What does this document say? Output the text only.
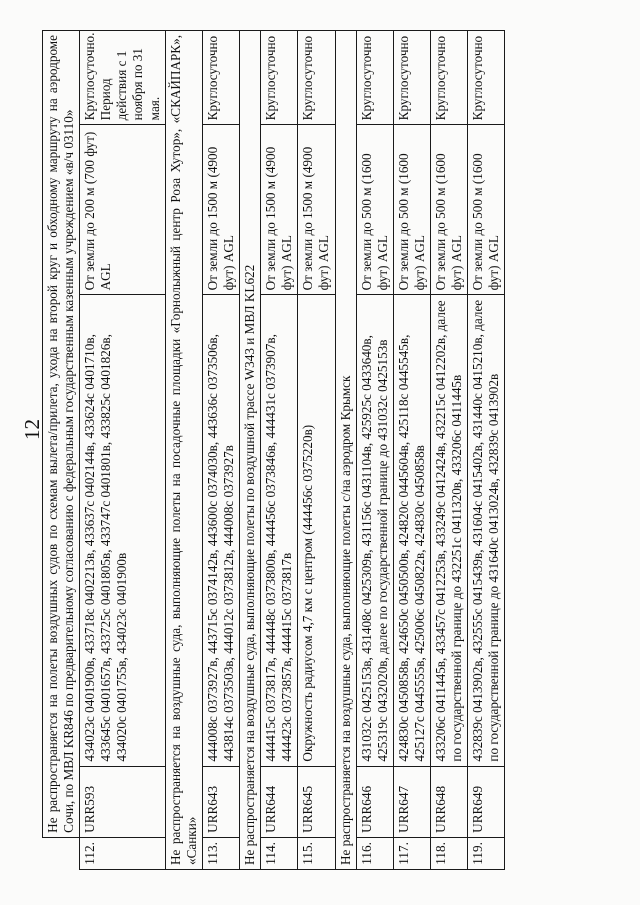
12
	Не распространяется на полеты воздушных судов по схемам вылета/прилета, ухода на второй круг и обходному маршруту на аэродроме Сочи, по МВЛ KR846 по предварительному согласованию с федеральным государственным казенным учреждением «в/ч 03110»			
112.	URR593	434023c 0401900в, 433718c 0402213в, 433637c 0402144в, 433624c 0401710в, 433645c 0401657в, 433725с 0401805в, 433747c 0401801в, 433825с 0401826в, 434020с 0401755в, 434023с 0401900в	От земли до 200 м (700 фут) AGL	Круглосуточно. Период действия с 1 ноября по 31 мая.
Не распространяется на воздушные суда, выполняющие полеты на посадочные площадки «Горнолыжный центр Роза Хутор», «СКАЙПАРК», «Санки»				
113.	URR643	444008с 0373927в, 443715с 0374142в, 443600с 0374030в, 443636с 0373506в, 443814с 0373503в, 444012c 0373812в, 444008c 0373927в	От земли до 1500 м (4900 фут) AGL	Круглосуточно
Не распространяется на воздушные суда, выполняющие полеты по воздушной трассе W343 и МВЛ KL622				
114.	URR644	444415с 0373817в, 444448с 0373800в, 444456с 0373846в, 444431с 0373907в, 444423с 0373857в, 444415с 0373817в	От земли до 1500 м (4900 фут) AGL	Круглосуточно
115.	URR645	Окружность радиусом 4,7 км с центром (444456с 0375220в)	От земли до 1500 м (4900 фут) AGL	Круглосуточно
Не распространяется на воздушные суда, выполняющие полеты с/на аэродром Крымск				
116.	URR646	431032с 0425153в, 431408с 0425309в, 431156с 0431104в, 425925с 0433640в, 425319с 0432020в, далее по государственной границе до 431032с 0425153в	От земли до 500 м (1600 фут) AGL	Круглосуточно
117.	URR647	424830с 0450858в, 424650с 0450500в, 424820с 0445604в, 425118с 0445545в, 425127с 0445555в, 425006с 0450822в, 424830с 0450858в	От земли до 500 м (1600 фут) AGL	Круглосуточно
118.	URR648	433206с 0411445в, 433457с 0412253в, 433249с 0412424в, 432215с 0412202в, далее по государственной границе до 432251с 0411320в, 433206с 0411445в	От земли до 500 м (1600 фут) AGL	Круглосуточно
119.	URR649	432839с 0413902в, 432555с 0415439в, 431604с 0415402в, 431440с 0415210в, далее по государственной границе до 431640с 0413024в, 432839с 0413902в	От земли до 500 м (1600 фут) AGL	Круглосуточно
